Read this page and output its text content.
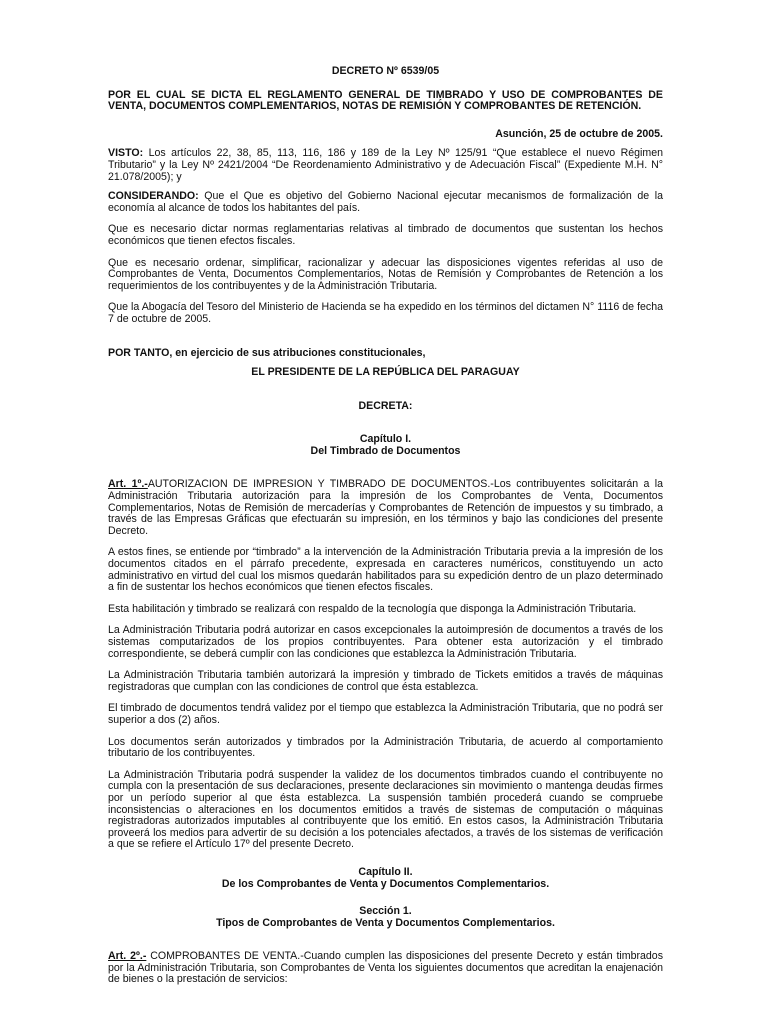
DECRETO Nº 6539/05

POR EL CUAL SE DICTA EL REGLAMENTO GENERAL DE TIMBRADO Y USO DE COMPROBANTES DE VENTA, DOCUMENTOS COMPLEMENTARIOS, NOTAS DE REMISIÓN Y COMPROBANTES DE RETENCIÓN.

Asunción, 25 de octubre de 2005.

VISTO: Los artículos 22, 38, 85, 113, 116, 186 y 189 de la Ley Nº 125/91 “Que establece el nuevo Régimen Tributario” y la Ley Nº 2421/2004 “De Reordenamiento Administrativo y de Adecuación Fiscal” (Expediente M.H. N° 21.078/2005); y

CONSIDERANDO: Que el Que es objetivo del Gobierno Nacional ejecutar mecanismos de formalización de la economía al alcance de todos los habitantes del país.

Que es necesario dictar normas reglamentarias relativas al timbrado de documentos que sustentan los hechos económicos que tienen efectos fiscales.

Que es necesario ordenar, simplificar, racionalizar y adecuar las disposiciones vigentes referidas al uso de Comprobantes de Venta, Documentos Complementarios, Notas de Remisión y Comprobantes de Retención a los requerimientos de los contribuyentes y de la Administración Tributaria.

Que la Abogacía del Tesoro del Ministerio de Hacienda se ha expedido en los términos del dictamen N° 1116 de fecha 7 de octubre de 2005.

POR TANTO, en ejercicio de sus atribuciones constitucionales,

EL PRESIDENTE DE LA REPÚBLICA DEL PARAGUAY

DECRETA:

Capítulo I.

Del Timbrado de Documentos

Art. 1º.-AUTORIZACION DE IMPRESION Y TIMBRADO DE DOCUMENTOS.-Los contribuyentes solicitarán a la Administración Tributaria autorización para la impresión de los Comprobantes de Venta, Documentos Complementarios, Notas de Remisión de mercaderías y Comprobantes de Retención de impuestos y su timbrado, a través de las Empresas Gráficas que efectuarán su impresión, en los términos y bajo las condiciones del presente Decreto.

A estos fines, se entiende por “timbrado” a la intervención de la Administración Tributaria previa a la impresión de los documentos citados en el párrafo precedente, expresada en caracteres numéricos, constituyendo un acto administrativo en virtud del cual los mismos quedarán habilitados para su expedición dentro de un plazo determinado a fin de sustentar los hechos económicos que tienen efectos fiscales.

Esta habilitación y timbrado se realizará con respaldo de la tecnología que disponga la Administración Tributaria.

La Administración Tributaria podrá autorizar en casos excepcionales la autoimpresión de documentos a través de los sistemas computarizados de los propios contribuyentes. Para obtener esta autorización y el timbrado correspondiente, se deberá cumplir con las condiciones que establezca la Administración Tributaria.

La Administración Tributaria también autorizará la impresión y timbrado de Tickets emitidos a través de máquinas registradoras que cumplan con las condiciones de control que ésta establezca.

El timbrado de documentos tendrá validez por el tiempo que establezca la Administración Tributaria, que no podrá ser superior a dos (2) años.

Los documentos serán autorizados y timbrados por la Administración Tributaria, de acuerdo al comportamiento tributario de los contribuyentes.

La Administración Tributaria podrá suspender la validez de los documentos timbrados cuando el contribuyente no cumpla con la presentación de sus declaraciones, presente declaraciones sin movimiento o mantenga deudas firmes por un período superior al que ésta establezca. La suspensión también procederá cuando se compruebe inconsistencias o alteraciones en los documentos emitidos a través de sistemas de computación o máquinas registradoras autorizados imputables al contribuyente que los emitió. En estos casos, la Administración Tributaria proveerá los medios para advertir de su decisión a los potenciales afectados, a través de los sistemas de verificación a que se refiere el Artículo 17º del presente Decreto.

Capítulo II.

De los Comprobantes de Venta y Documentos Complementarios.

Sección 1.

Tipos de Comprobantes de Venta y Documentos Complementarios.

Art. 2º.- COMPROBANTES DE VENTA.-Cuando cumplen las disposiciones del presente Decreto y están timbrados por la Administración Tributaria, son Comprobantes de Venta los siguientes documentos que acreditan la enajenación de bienes o la prestación de servicios:
